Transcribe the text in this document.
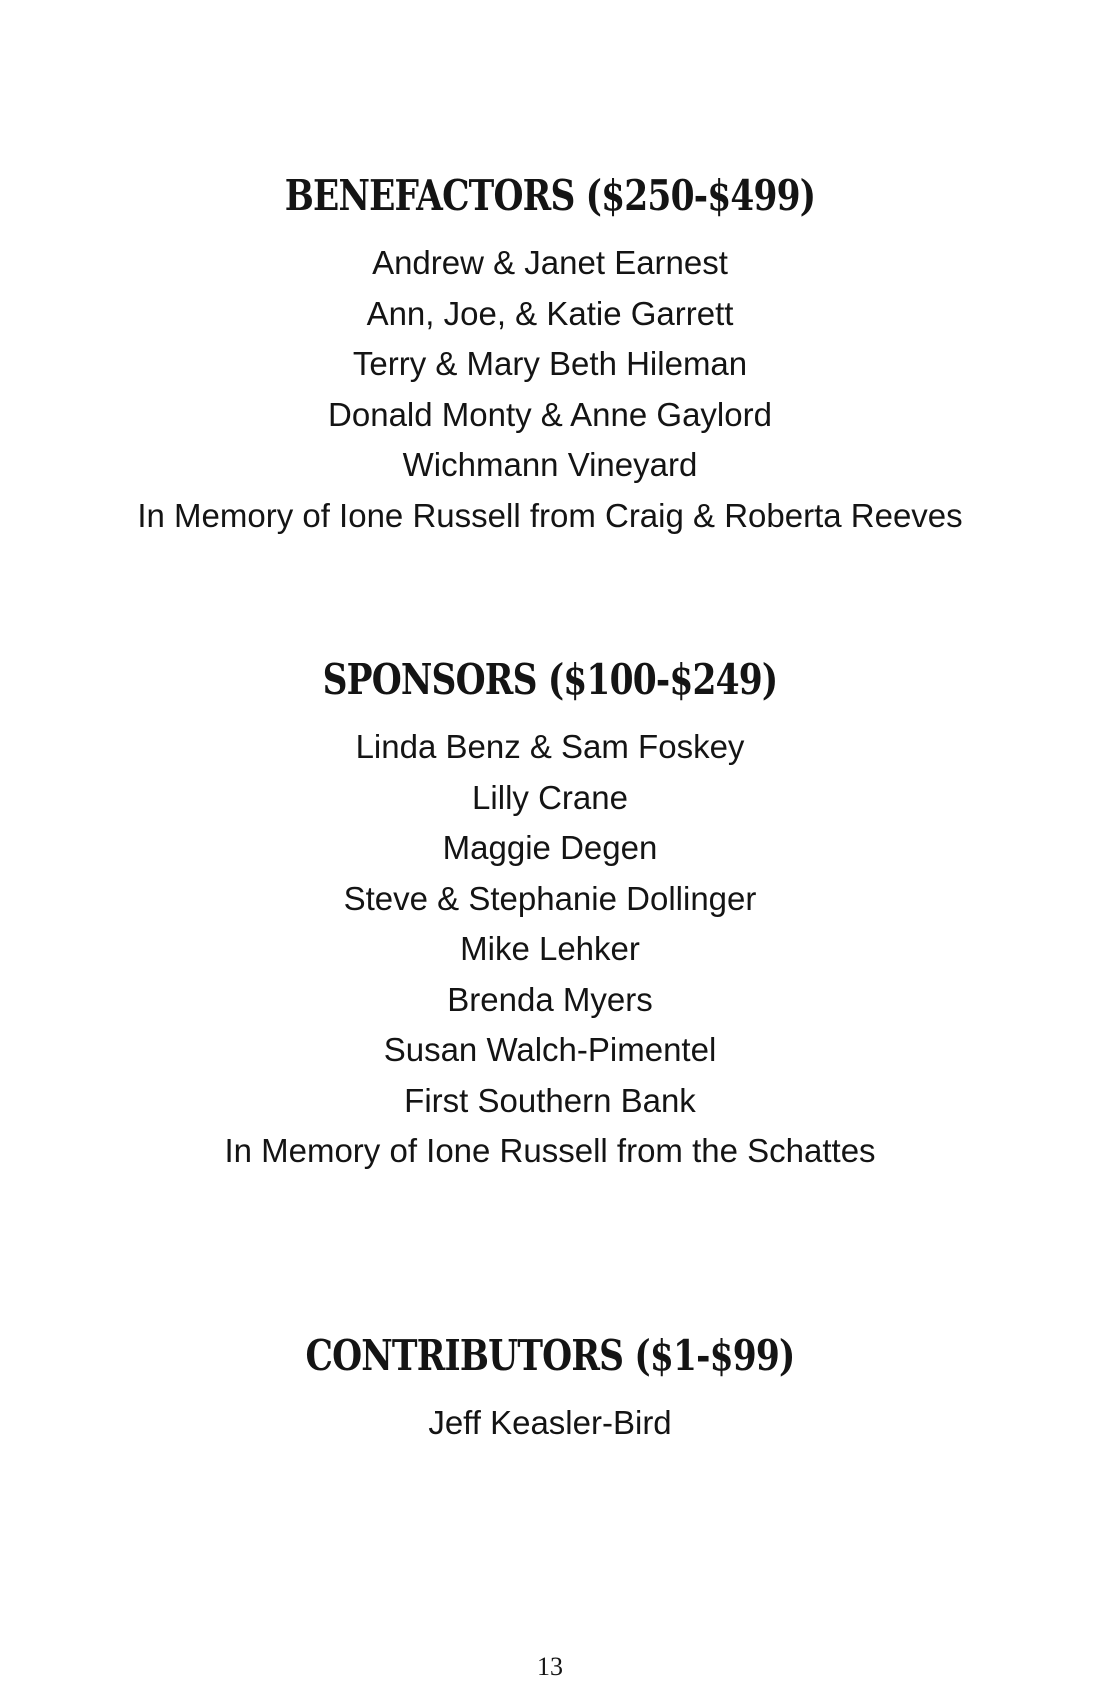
BENEFACTORS ($250-$499)
Andrew & Janet Earnest
Ann, Joe, & Katie Garrett
Terry & Mary Beth Hileman
Donald Monty & Anne Gaylord
Wichmann Vineyard
In Memory of Ione Russell from Craig & Roberta Reeves
SPONSORS ($100-$249)
Linda Benz & Sam Foskey
Lilly Crane
Maggie Degen
Steve & Stephanie Dollinger
Mike Lehker
Brenda Myers
Susan Walch-Pimentel
First Southern Bank
In Memory of Ione Russell from the Schattes
CONTRIBUTORS ($1-$99)
Jeff Keasler-Bird
13
